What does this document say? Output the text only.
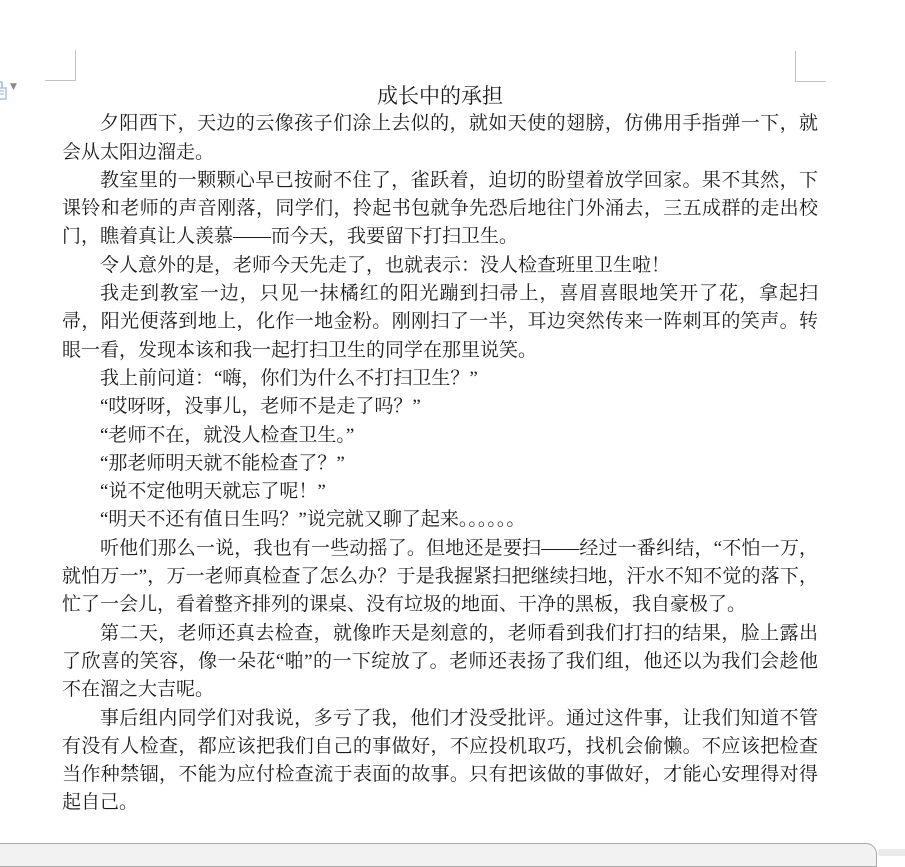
▼	成长中的承担

夕阳西下，天边的云像孩子们涂上去似的，就如天使的翅膀，仿佛用手指弹一下，就会从太阳边溜走。

教室里的一颗颗心早已按耐不住了，雀跃着，迫切的盼望着放学回家。果不其然，下课铃和老师的声音刚落，同学们，拎起书包就争先恐后地往门外涌去，三五成群的走出校门，瞧着真让人羡慕——而今天，我要留下打扫卫生。

令人意外的是，老师今天先走了，也就表示：没人检查班里卫生啦！

我走到教室一边，只见一抹橘红的阳光蹦到扫帚上，喜眉喜眼地笑开了花，拿起扫帚，阳光便落到地上，化作一地金粉。刚刚扫了一半，耳边突然传来一阵刺耳的笑声。转眼一看，发现本该和我一起打扫卫生的同学在那里说笑。

我上前问道：“嗨，你们为什么不打扫卫生？”

“哎呀呀，没事儿，老师不是走了吗？”

“老师不在，就没人检查卫生。”

“那老师明天就不能检查了？”

“说不定他明天就忘了呢！”

“明天不还有值日生吗？”说完就又聊了起来。。。。。。

听他们那么一说，我也有一些动摇了。但地还是要扫——经过一番纠结，“不怕一万，就怕万一”，万一老师真检查了怎么办？于是我握紧扫把继续扫地，汗水不知不觉的落下，忙了一会儿，看着整齐排列的课桌、没有垃圾的地面、干净的黑板，我自豪极了。

第二天，老师还真去检查，就像昨天是刻意的，老师看到我们打扫的结果，脸上露出了欣喜的笑容，像一朵花“啪”的一下绽放了。老师还表扬了我们组，他还以为我们会趁他不在溜之大吉呢。

事后组内同学们对我说，多亏了我，他们才没受批评。通过这件事，让我们知道不管有没有人检查，都应该把我们自己的事做好，不应投机取巧，找机会偷懒。不应该把检查当作种禁锢，不能为应付检查流于表面的故事。只有把该做的事做好，才能心安理得对得起自己。
